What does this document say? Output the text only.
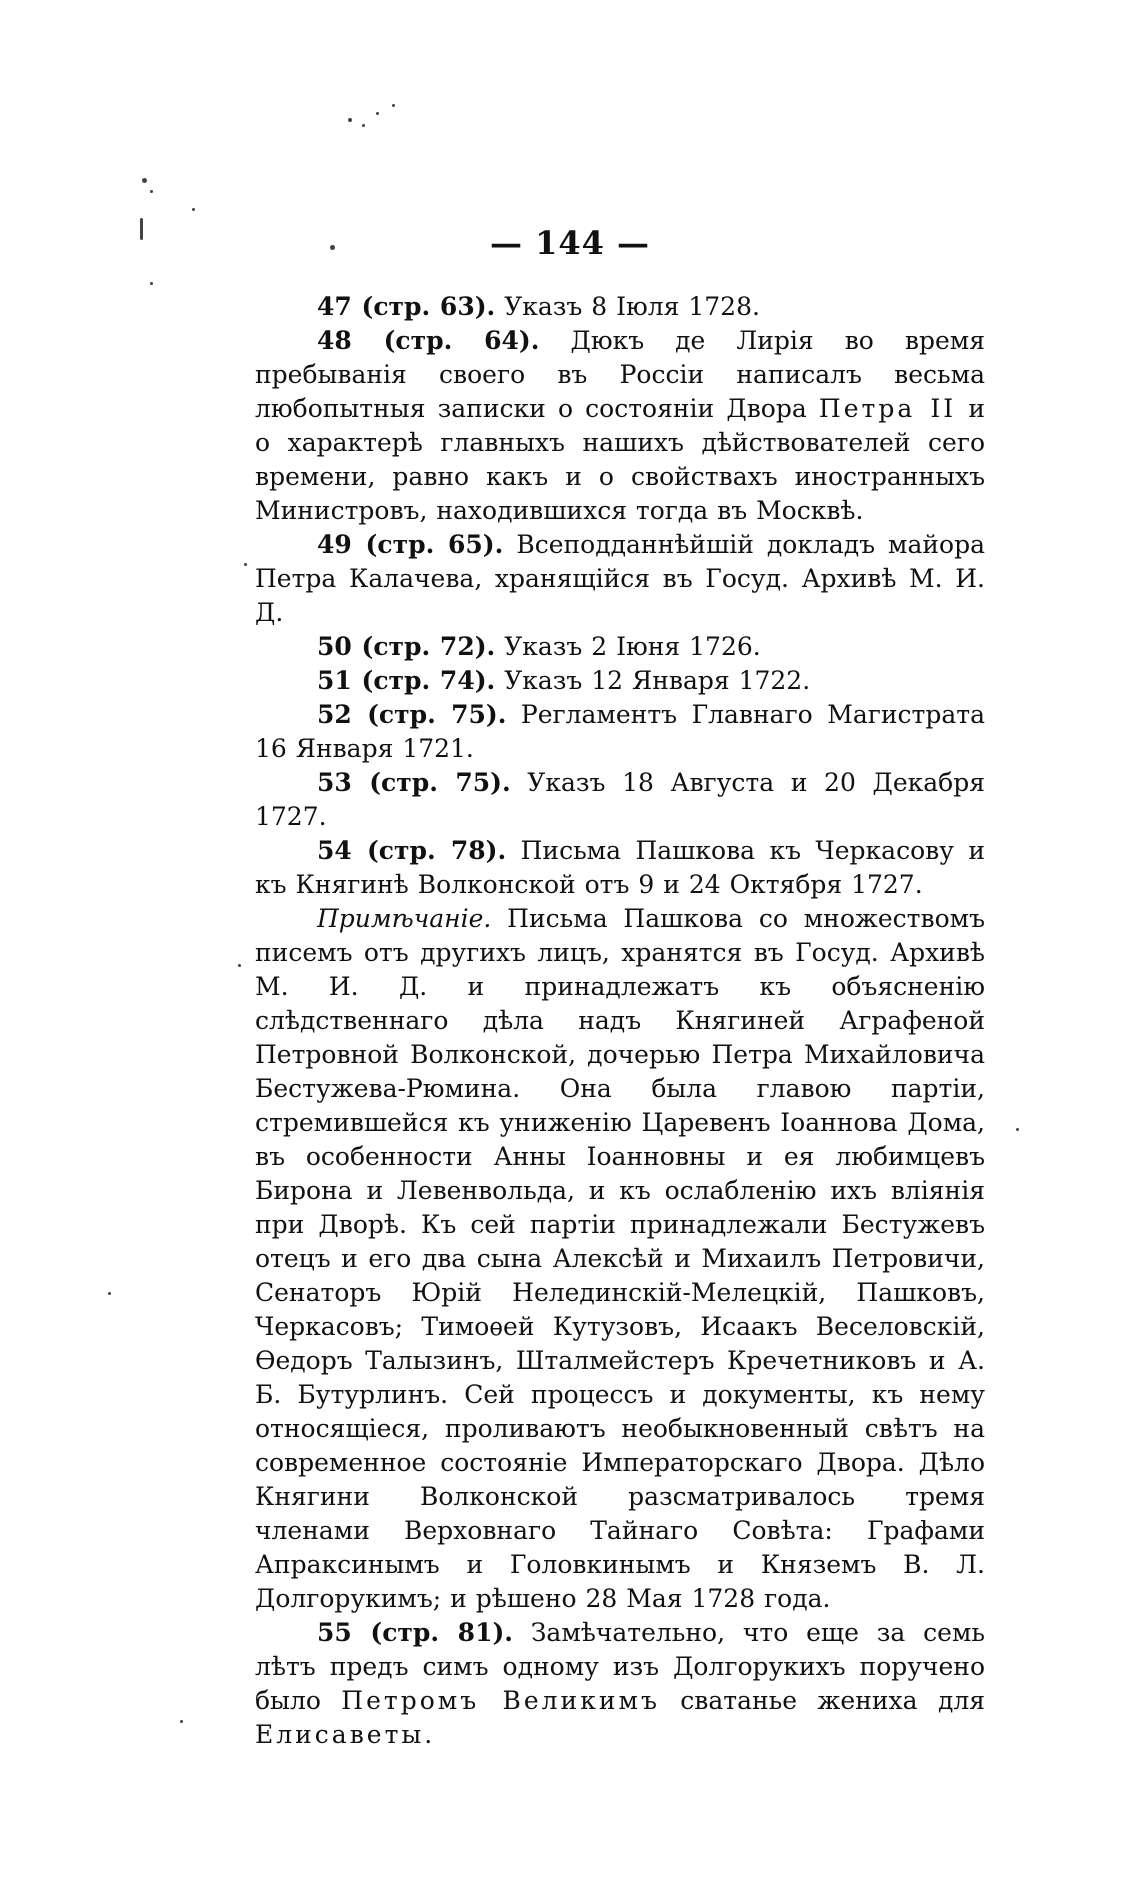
— 144 —

47 (стр. 63). Указъ 8 Іюля 1728.

48 (стр. 64). Дюкъ де Лирія во время пребыванія своего въ Россіи написалъ весьма любопытныя записки о состояніи Двора Петра II и о характерѣ главныхъ нашихъ дѣйствователей сего времени, равно какъ и о свойствахъ иностранныхъ Министровъ, находившихся тогда въ Москвѣ.

49 (стр. 65). Всеподданнѣйшій докладъ майора Петра Калачева, хранящійся въ Госуд. Архивѣ М. И. Д.

50 (стр. 72). Указъ 2 Іюня 1726.

51 (стр. 74). Указъ 12 Января 1722.

52 (стр. 75). Регламентъ Главнаго Магистрата 16 Января 1721.

53 (стр. 75). Указъ 18 Августа и 20 Декабря 1727.

54 (стр. 78). Письма Пашкова къ Черкасову и къ Княгинѣ Волконской отъ 9 и 24 Октября 1727.

Примѣчаніе. Письма Пашкова со множествомъ писемъ отъ другихъ лицъ, хранятся въ Госуд. Архивѣ М. И. Д. и принадлежатъ къ объясненію слѣдственнаго дѣла надъ Княгиней Аграфеной Петровной Волконской, дочерью Петра Михайловича Бестужева-Рюмина. Она была главою партіи, стремившейся къ униженію Царевенъ Іоаннова Дома, въ особенности Анны Іоанновны и ея любимцевъ Бирона и Левенвольда, и къ ослабленію ихъ вліянія при Дворѣ. Къ сей партіи принадлежали Бестужевъ отецъ и его два сына Алексѣй и Михаилъ Петровичи, Сенаторъ Юрій Нелединскій-Мелецкій, Пашковъ, Черкасовъ; Тимоѳей Кутузовъ, Исаакъ Веселовскій, Ѳедоръ Талызинъ, Шталмейстеръ Кречетниковъ и А. Б. Бутурлинъ. Сей процессъ и документы, къ нему относящіеся, проливаютъ необыкновенный свѣтъ на современное состояніе Императорскаго Двора. Дѣло Княгини Волконской разсматривалось тремя членами Верховнаго Тайнаго Совѣта: Графами Апраксинымъ и Головкинымъ и Княземъ В. Л. Долгорукимъ; и рѣшено 28 Мая 1728 года.

55 (стр. 81). Замѣчательно, что еще за семь лѣтъ предъ симъ одному изъ Долгорукихъ поручено было Петромъ Великимъ сватанье жениха для Елисаветы.
